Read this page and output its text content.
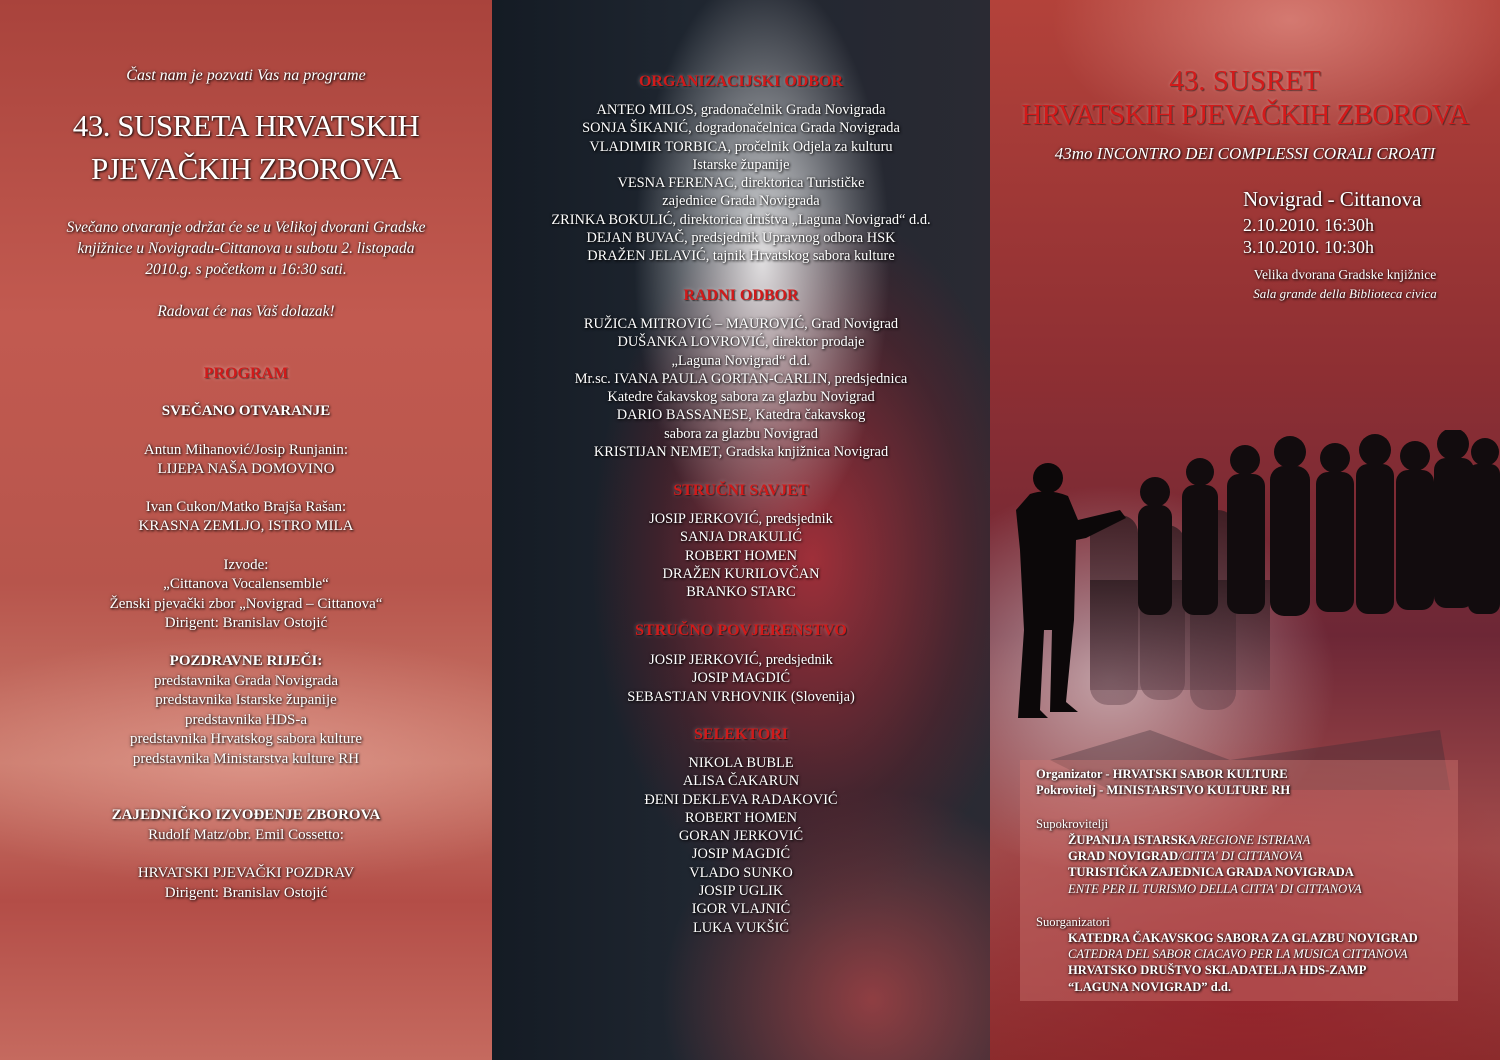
Čast nam je pozvati Vas na programe
43. SUSRETA HRVATSKIH
PJEVAČKIH ZBOROVA
Svečano otvaranje održat će se u Velikoj dvorani Gradske
knjižnice u Novigradu-Cittanova u subotu 2. listopada
2010.g. s početkom u 16:30 sati.
Radovat će nas Vaš dolazak!
PROGRAM
SVEČANO OTVARANJE
Antun Mihanović/Josip Runjanin:
LIJEPA NAŠA DOMOVINO
Ivan Cukon/Matko Brajša Rašan:
KRASNA ZEMLJO, ISTRO MILA
Izvode:
„Cittanova Vocalensemble“
Ženski pjevački zbor „Novigrad – Cittanova“
Dirigent: Branislav Ostojić
POZDRAVNE RIJEČI:
predstavnika Grada Novigrada
predstavnika Istarske županije
predstavnika HDS-a
predstavnika Hrvatskog sabora kulture
predstavnika Ministarstva kulture RH
ZAJEDNIČKO IZVOĐENJE ZBOROVA
Rudolf Matz/obr. Emil Cossetto:
HRVATSKI PJEVAČKI POZDRAV
Dirigent: Branislav Ostojić
ORGANIZACIJSKI ODBOR
ANTEO MILOS, gradonačelnik Grada Novigrada
SONJA ŠIKANIĆ, dogradonačelnica Grada Novigrada
VLADIMIR TORBICA, pročelnik Odjela za kulturu
Istarske županije
VESNA FERENAC, direktorica Turističke
zajednice Grada Novigrada
ZRINKA BOKULIĆ, direktorica društva „Laguna Novigrad“ d.d.
DEJAN BUVAČ, predsjednik Upravnog odbora HSK
DRAŽEN JELAVIĆ, tajnik Hrvatskog sabora kulture
RADNI ODBOR
RUŽICA MITROVIĆ – MAUROVIĆ, Grad Novigrad
DUŠANKA LOVROVIĆ, direktor prodaje
„Laguna Novigrad“ d.d.
Mr.sc. IVANA PAULA GORTAN-CARLIN, predsjednica
Katedre čakavskog sabora za glazbu Novigrad
DARIO BASSANESE, Katedra čakavskog
sabora za glazbu Novigrad
KRISTIJAN NEMET, Gradska knjižnica Novigrad
STRUČNI SAVJET
JOSIP JERKOVIĆ, predsjednik
SANJA DRAKULIĆ
ROBERT HOMEN
DRAŽEN KURILOVČAN
BRANKO STARC
STRUČNO POVJERENSTVO
JOSIP JERKOVIĆ, predsjednik
JOSIP MAGDIĆ
SEBASTJAN VRHOVNIK (Slovenija)
SELEKTORI
NIKOLA BUBLE
ALISA ČAKARUN
ĐENI DEKLEVA RADAKOVIĆ
ROBERT HOMEN
GORAN JERKOVIĆ
JOSIP MAGDIĆ
VLADO SUNKO
JOSIP UGLIK
IGOR VLAJNIĆ
LUKA VUKŠIĆ
43. SUSRET
HRVATSKIH PJEVAČKIH ZBOROVA
43mo INCONTRO DEI COMPLESSI CORALI CROATI
Novigrad - Cittanova
2.10.2010. 16:30h
3.10.2010. 10:30h
Velika dvorana Gradske knjižnice
Sala grande della Biblioteca civica
Organizator - HRVATSKI SABOR KULTURE
Pokrovitelj - MINISTARSTVO KULTURE RH
Supokrovitelji
ŽUPANIJA ISTARSKA/REGIONE ISTRIANA
GRAD NOVIGRAD/CITTA' DI CITTANOVA
TURISTIČKA ZAJEDNICA GRADA NOVIGRADA
ENTE PER IL TURISMO DELLA CITTA' DI CITTANOVA
Suorganizatori
KATEDRA ČAKAVSKOG SABORA ZA GLAZBU NOVIGRAD
CATEDRA DEL SABOR CIACAVO PER LA MUSICA CITTANOVA
HRVATSKO DRUŠTVO SKLADATELJA HDS-ZAMP
“LAGUNA NOVIGRAD” d.d.
